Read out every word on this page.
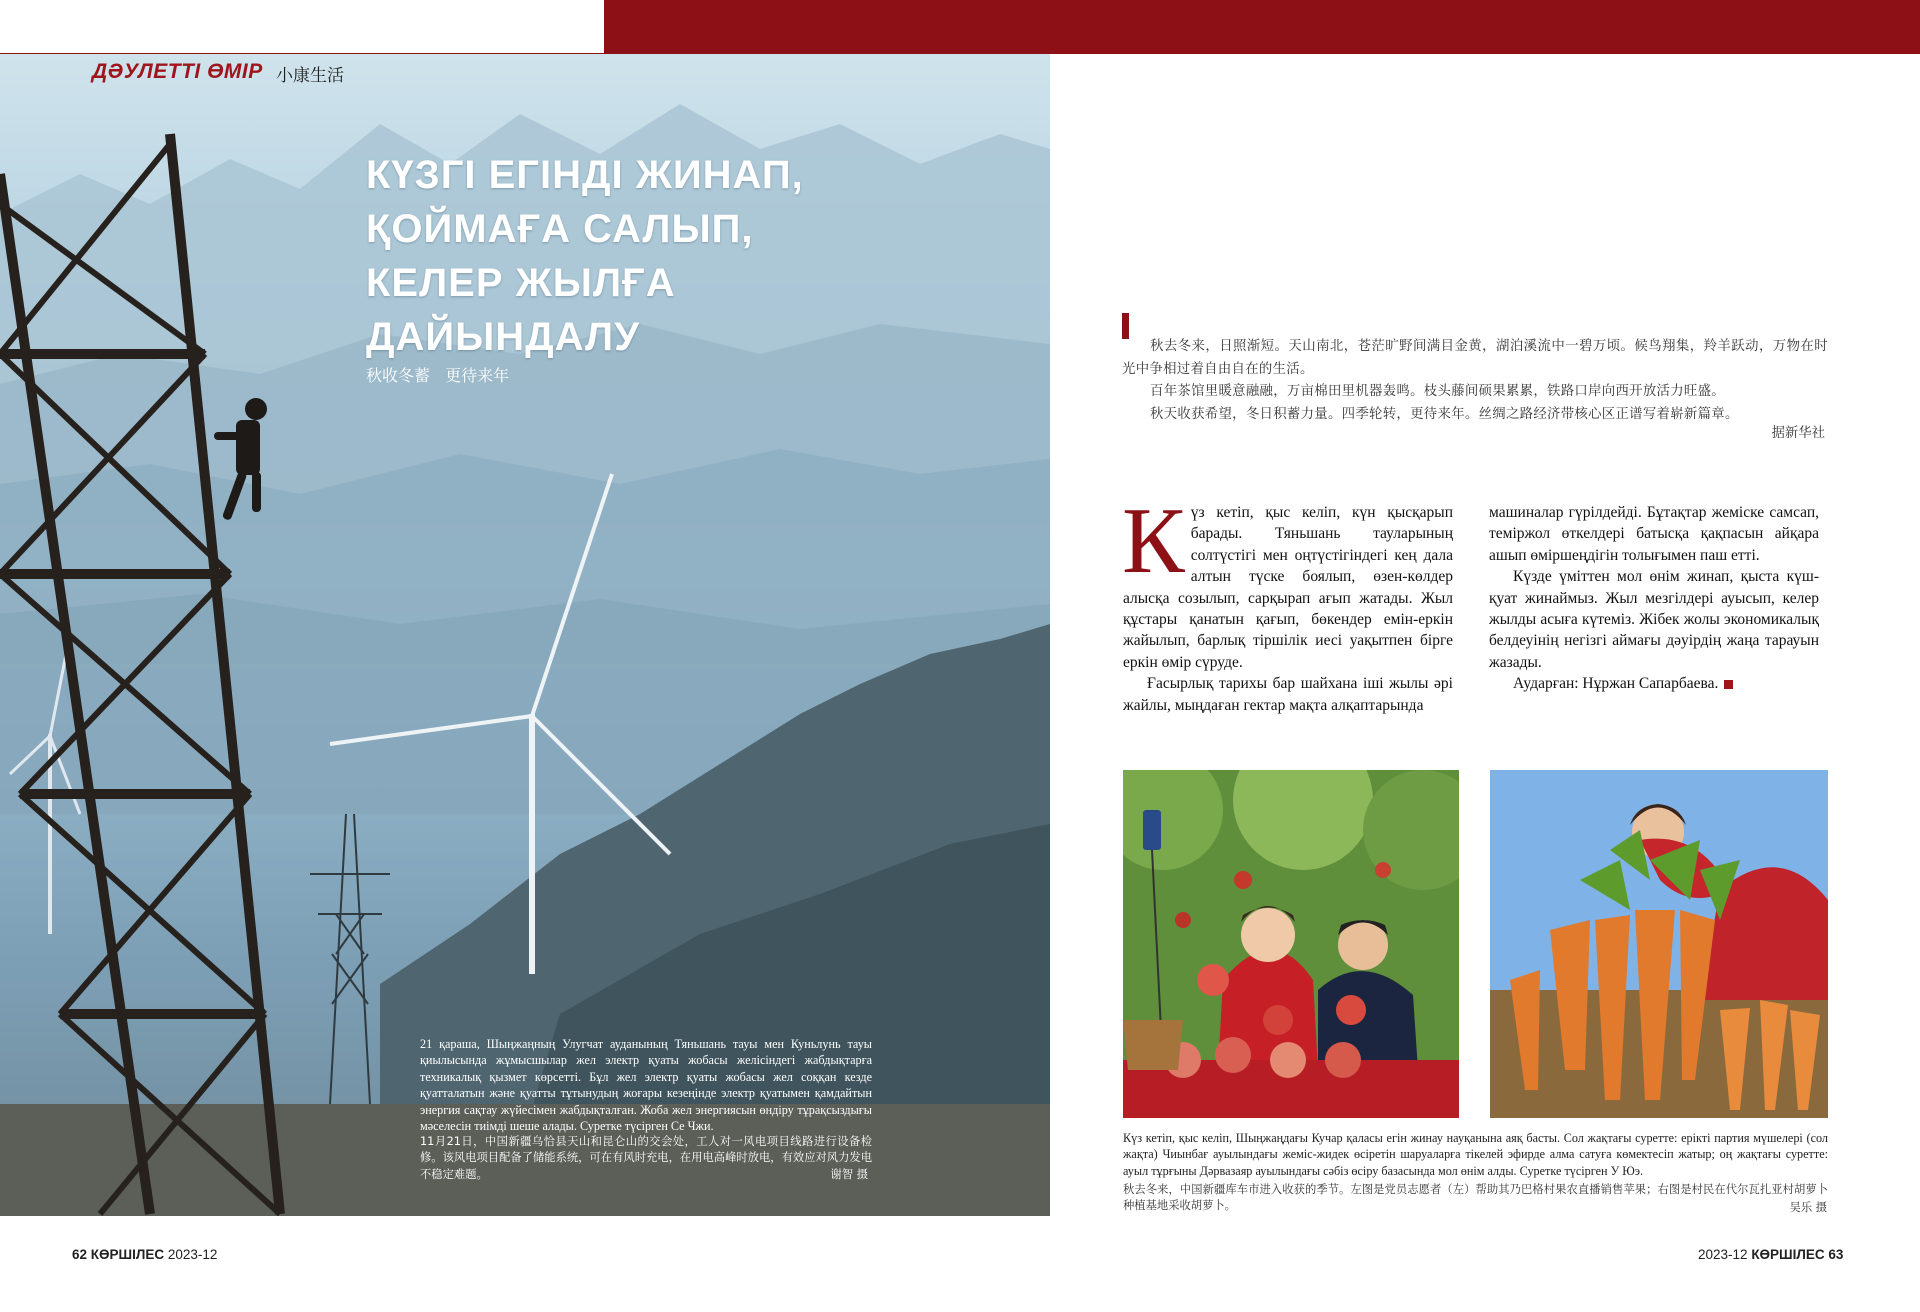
ДӘУЛЕТТІ ӨМІР 小康生活
КҮЗГІ ЕГІНДІ ЖИНАП, ҚОЙМАҒА САЛЫП, КЕЛЕР ЖЫЛҒА ДАЙЫНДАЛУ
秋收冬蓄 更待来年
21 қараша, Шыңжаңның Улугчат ауданының Тяньшань тауы мен Куньлунь тауы қиылысында жұмысшылар жел электр қуаты жобасы желісіндегі жабдықтарға техникалық қызмет көрсетті. Бұл жел электр қуаты жобасы жел соққан кезде қуатталатын және қуатты тұтынудың жоғары кезеңінде электр қуатымен қамдайтын энергия сақтау жүйесімен жабдықталған. Жоба жел энергиясын өндіру тұрақсыздығы мәселесін тиімді шеше алады. Суретке түсірген Се Чжи.
11月21日，中国新疆乌恰县天山和昆仑山的交会处，工人对一风电项目线路进行设备检修。该风电项目配备了储能系统，可在有风时充电，在用电高峰时放电，有效应对风力发电不稳定难题。	谢智 摄

秋去冬来，日照渐短。天山南北，苍茫旷野间满目金黄，湖泊溪流中一碧万顷。候鸟翔集，羚羊跃动，万物在时光中争相过着自由自在的生活。

百年茶馆里暖意融融，万亩棉田里机器轰鸣。枝头藤间硕果累累，铁路口岸向西开放活力旺盛。

秋天收获希望，冬日积蓄力量。四季轮转，更待来年。丝绸之路经济带核心区正谱写着崭新篇章。

据新华社

К үз кетіп, қыс келіп, күн қысқарып барады. Тяньшань тауларының солтүстігі мен оңтүстігіндегі кең дала алтын түске боялып, өзен-көлдер алысқа созылып, сарқырап ағып жатады. Жыл құстары қанатын қағып, бөкендер емін-еркін жайылып, барлық тіршілік иесі уақытпен бірге еркін өмір сүруде.

Ғасырлық тарихы бар шайхана іші жылы әрі жайлы, мыңдаған гектар мақта алқаптарында

машиналар гүрілдейді. Бұтақтар жеміске самсап, теміржол өткелдері батысқа қақпасын айқара ашып өміршеңдігін толығымен паш етті.

Күзде үміттен мол өнім жинап, қыста күш-қуат жинаймыз. Жыл мезгілдері ауысып, келер жылды асыға күтеміз. Жібек жолы экономикалық белдеуінің негізгі аймағы дәуірдің жаңа тарауын жазады.

Аударған: Нұржан Сапарбаева.

Күз кетіп, қыс келіп, Шыңжаңдағы Кучар қаласы егін жинау науқанына аяқ басты. Сол жақтағы суретте: ерікті партия мүшелері (сол жақта) Чиынбағ ауылындағы жеміс-жидек өсіретін шаруаларға тікелей эфирде алма сатуға көмектесіп жатыр; оң жақтағы суретте: ауыл тұрғыны Дәрвазаяр ауылындағы сәбіз өсіру базасында мол өнім алды. Суретке түсірген У Юэ.
秋去冬来，中国新疆库车市进入收获的季节。左图是党员志愿者（左）帮助其乃巴格村果农直播销售苹果；右图是村民在代尔瓦扎亚村胡萝卜种植基地采收胡萝卜。	吴乐 摄
62 КӨРШІЛЕС 2023-12	2023-12 КӨРШІЛЕС 63
